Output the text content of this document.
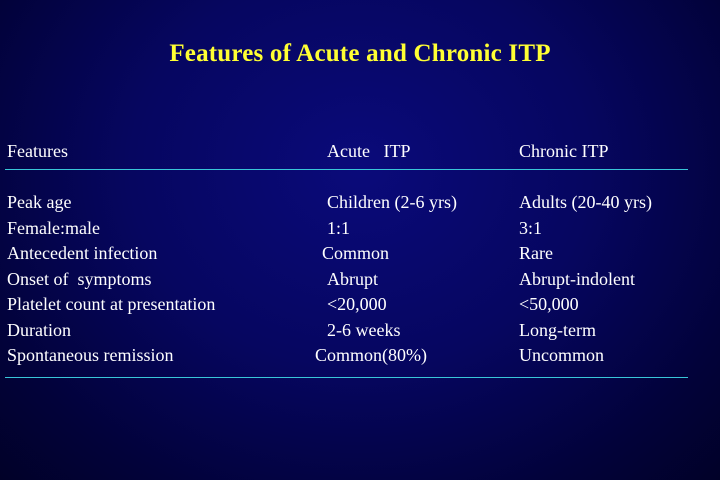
Features of Acute and Chronic ITP
Features	Acute   ITP	Chronic ITP
Peak age	Children (2-6 yrs)	Adults (20-40 yrs)
Female:male	1:1	3:1
Antecedent infection	Common	Rare
Onset of  symptoms	Abrupt	Abrupt-indolent
Platelet count at presentation	<20,000	<50,000
Duration	2-6 weeks	Long-term
Spontaneous remission	Common(80%)	Uncommon
